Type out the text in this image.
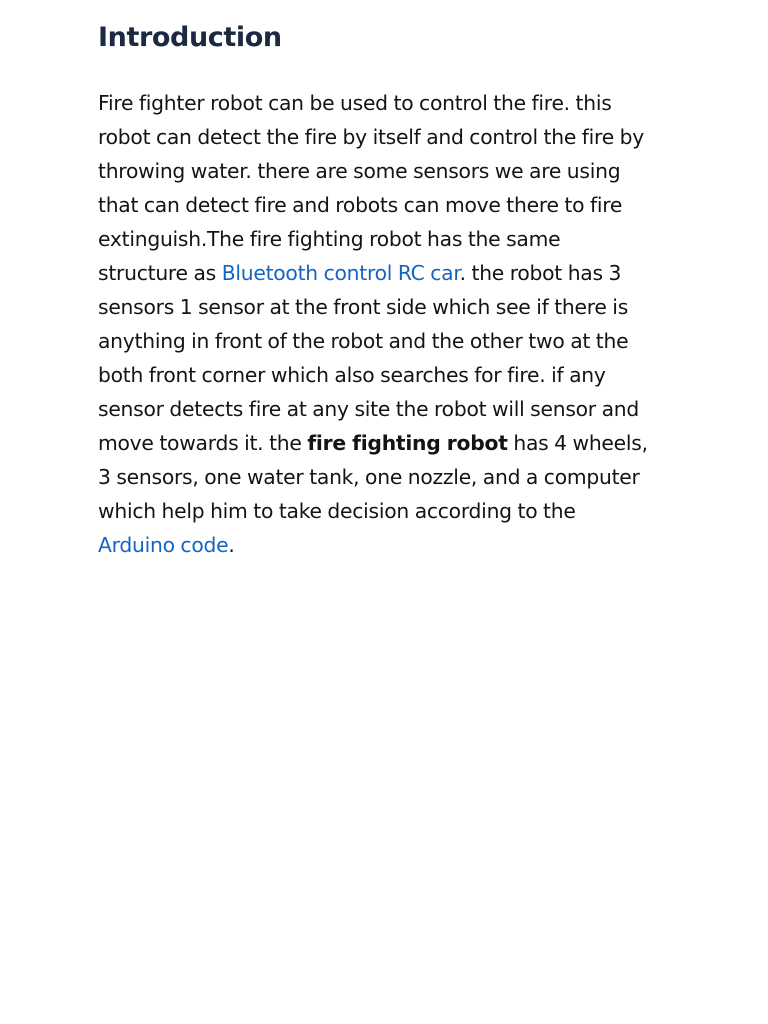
Introduction

Fire fighter robot can be used to control the fire. this
robot can detect the fire by itself and control the fire by
throwing water. there are some sensors we are using
that can detect fire and robots can move there to fire
extinguish.The fire fighting robot has the same
structure as Bluetooth control RC car. the robot has 3
sensors 1 sensor at the front side which see if there is
anything in front of the robot and the other two at the
both front corner which also searches for fire. if any
sensor detects fire at any site the robot will sensor and
move towards it. the fire fighting robot has 4 wheels,
3 sensors, one water tank, one nozzle, and a computer
which help him to take decision according to the
Arduino code.
